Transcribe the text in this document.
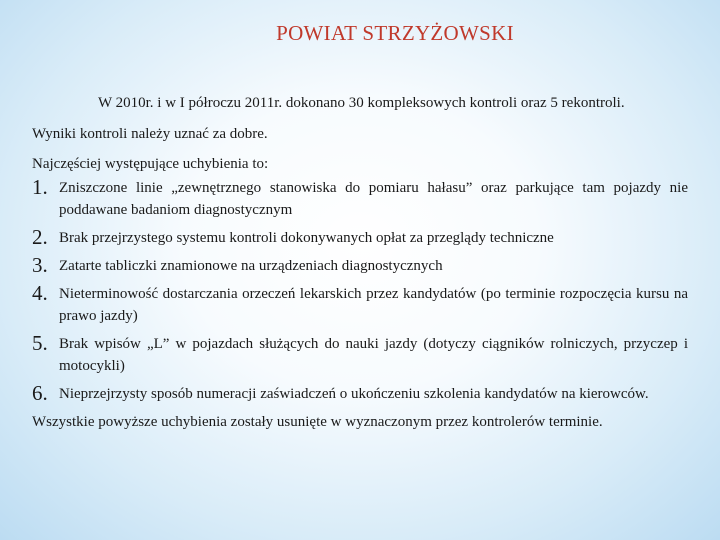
POWIAT STRZYŻOWSKI

W 2010r. i w I półroczu 2011r. dokonano 30 kompleksowych kontroli oraz 5 rekontroli.

Wyniki kontroli należy uznać za dobre.

Najczęściej występujące uchybienia to:

1. Zniszczone linie „zewnętrznego stanowiska do pomiaru hałasu” oraz parkujące tam pojazdy nie poddawane badaniom diagnostycznym
2. Brak przejrzystego systemu kontroli dokonywanych opłat za przeglądy techniczne
3. Zatarte tabliczki znamionowe na urządzeniach diagnostycznych
4. Nieterminowość dostarczania orzeczeń lekarskich przez kandydatów (po terminie rozpoczęcia kursu na prawo jazdy)
5. Brak wpisów „L” w pojazdach służących do nauki jazdy (dotyczy ciągników rolniczych, przyczep i motocykli)
6. Nieprzejrzysty sposób numeracji zaświadczeń o ukończeniu szkolenia kandydatów na kierowców.

Wszystkie powyższe uchybienia zostały usunięte w wyznaczonym przez kontrolerów terminie.
